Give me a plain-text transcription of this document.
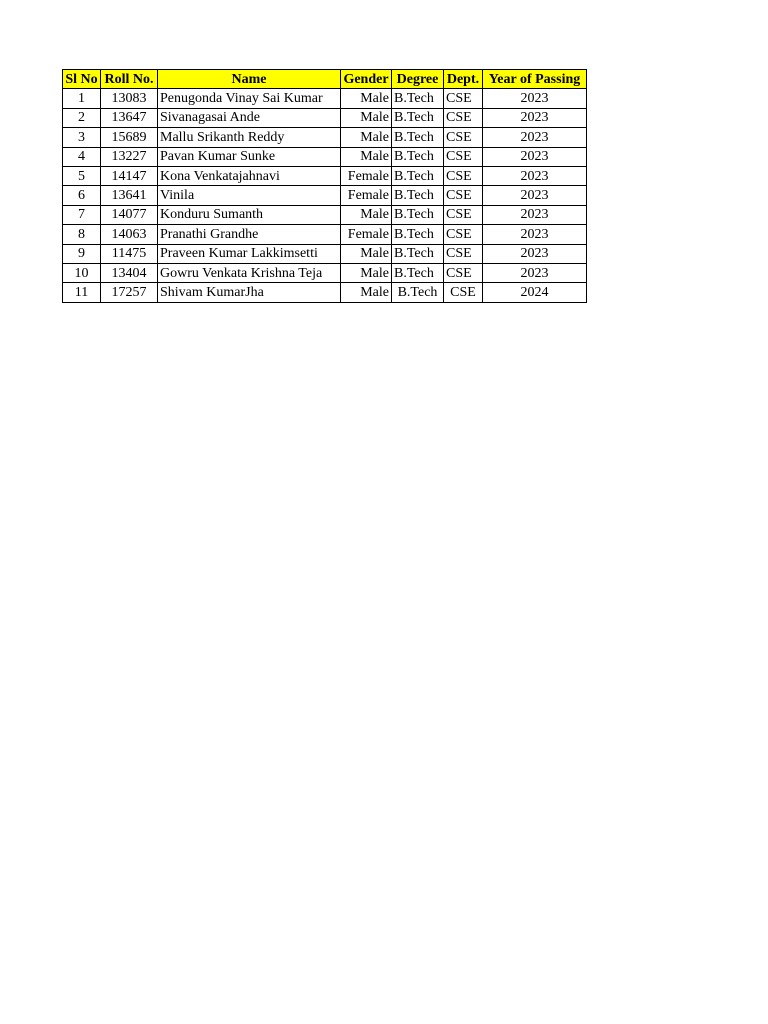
Sl No	Roll No.	Name	Gender	Degree	Dept.	Year of Passing
1	13083	Penugonda Vinay Sai Kumar	Male	B.Tech	CSE	2023
2	13647	Sivanagasai Ande	Male	B.Tech	CSE	2023
3	15689	Mallu Srikanth Reddy	Male	B.Tech	CSE	2023
4	13227	Pavan Kumar Sunke	Male	B.Tech	CSE	2023
5	14147	Kona Venkatajahnavi	Female	B.Tech	CSE	2023
6	13641	Vinila	Female	B.Tech	CSE	2023
7	14077	Konduru Sumanth	Male	B.Tech	CSE	2023
8	14063	Pranathi Grandhe	Female	B.Tech	CSE	2023
9	11475	Praveen Kumar Lakkimsetti	Male	B.Tech	CSE	2023
10	13404	Gowru Venkata Krishna Teja	Male	B.Tech	CSE	2023
11	17257	Shivam KumarJha	Male	B.Tech	CSE	2024
